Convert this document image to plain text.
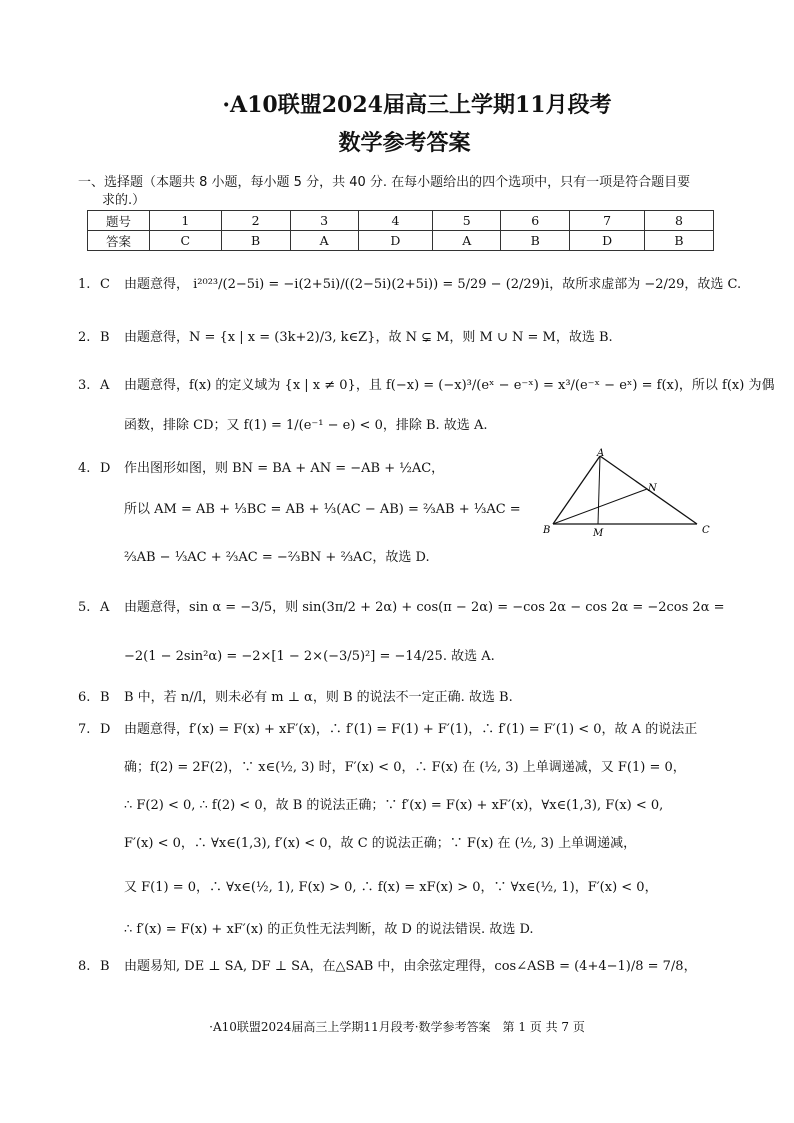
·A10联盟2024届高三上学期11月段考
数学参考答案
一、选择题（本题共 8 小题，每小题 5 分，共 40 分. 在每小题给出的四个选项中，只有一项是符合题目要
求的.）
题号	1	2	3	4	5	6	7	8
答案	C	B	A	D	A	B	D	B
1. C 由题意得， i²⁰²³/(2−5i) = −i(2+5i)/((2−5i)(2+5i)) = 5/29 − (2/29)i，故所求虚部为 −2/29，故选 C.
2. B 由题意得，N = {x | x = (3k+2)/3, k∈Z}，故 N ⊊ M，则 M ∪ N = M，故选 B.
3. A 由题意得，f(x) 的定义域为 {x | x ≠ 0}，且 f(−x) = (−x)³/(eˣ − e⁻ˣ) = x³/(e⁻ˣ − eˣ) = f(x)，所以 f(x) 为偶
函数，排除 CD；又 f(1) = 1/(e⁻¹ − e) < 0，排除 B. 故选 A.
4. D 作出图形如图，则 BN = BA + AN = −AB + ½AC，
所以 AM = AB + ⅓BC = AB + ⅓(AC − AB) = ⅔AB + ⅓AC =
⅔AB − ⅓AC + ⅔AC = −⅔BN + ⅔AC，故选 D.
A
N
B	M	C
5. A 由题意得，sin α = −3/5，则 sin(3π/2 + 2α) + cos(π − 2α) = −cos 2α − cos 2α = −2cos 2α =
−2(1 − 2sin²α) = −2×[1 − 2×(−3/5)²] = −14/25. 故选 A.
6. B B 中，若 n//l，则未必有 m ⊥ α，则 B 的说法不一定正确. 故选 B.
7. D 由题意得，f′(x) = F(x) + xF′(x)，∴ f′(1) = F(1) + F′(1)，∴ f′(1) = F′(1) < 0，故 A 的说法正
确；f(2) = 2F(2)，∵ x∈(½, 3) 时，F′(x) < 0，∴ F(x) 在 (½, 3) 上单调递减，又 F(1) = 0，
∴ F(2) < 0, ∴ f(2) < 0，故 B 的说法正确；∵ f′(x) = F(x) + xF′(x)，∀x∈(1,3), F(x) < 0,
F′(x) < 0，∴ ∀x∈(1,3), f′(x) < 0，故 C 的说法正确；∵ F(x) 在 (½, 3) 上单调递减，
又 F(1) = 0，∴ ∀x∈(½, 1), F(x) > 0, ∴ f(x) = xF(x) > 0，∵ ∀x∈(½, 1)，F′(x) < 0，
∴ f′(x) = F(x) + xF′(x) 的正负性无法判断，故 D 的说法错误. 故选 D.
8. B 由题易知, DE ⊥ SA, DF ⊥ SA，在△SAB 中，由余弦定理得，cos∠ASB = (4+4−1)/8 = 7/8，
·A10联盟2024届高三上学期11月段考·数学参考答案　第 1 页 共 7 页
